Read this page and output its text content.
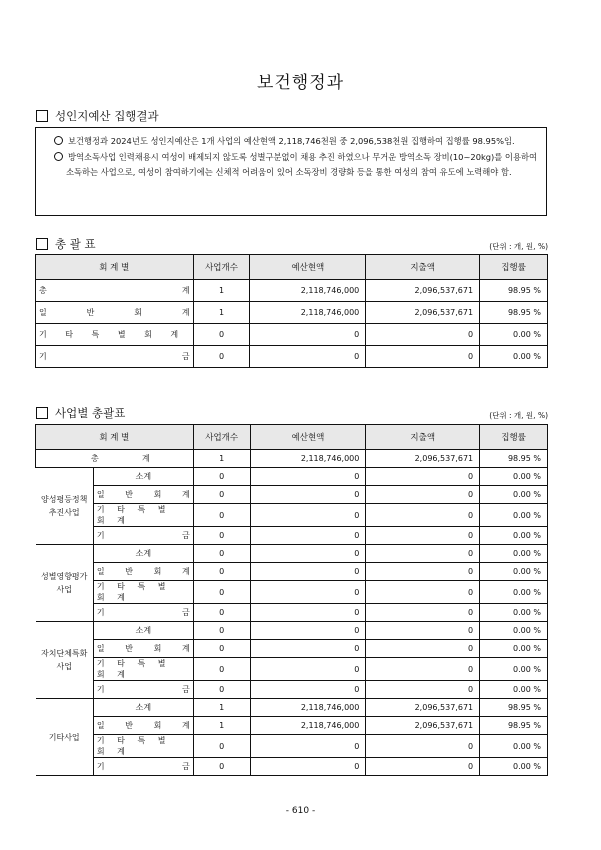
보건행정과
성인지예산 집행결과

보건행정과 2024년도 성인지예산은 1개 사업의 예산현액 2,118,746천원 중 2,096,538천원 집행하여 집행률 98.95%임.

방역소독사업 인력채용시 여성이 배제되지 않도록 성별구분없이 채용 추진 하였으나 무거운 방역소독 장비(10~20kg)를 이용하여 소독하는 사업으로, 여성이 참여하기에는 신체적 어려움이 있어 소독장비 경량화 등을 통한 여성의 참여 유도에 노력해야 함.

총 괄 표	(단위 : 개, 원, %)
회 계 별	사업개수	예산현액	지출액	집행률

총 계	1	2,118,746,000	2,096,537,671	98.95 %

일 반 회 계	1	2,118,746,000	2,096,537,671	98.95 %
기 타 특 별 회 계	0	0	0	0.00 %

기 금	0	0	0	0.00 %
사업별 총괄표	(단위 : 개, 원, %)
회 계 별		사업개수	예산현액	지출액	집행률

총 계		1	2,118,746,000	2,096,537,671	98.95 %
양성평등정책
추진사업	소계	0	0	0	0.00 %

	일 반 회 계	0	0	0	0.00 %
	기 타 특 별 회 계	0	0	0	0.00 %

	기 금	0	0	0	0.00 %
성별영향평가
사업	소계	0	0	0	0.00 %

	일 반 회 계	0	0	0	0.00 %
	기 타 특 별 회 계	0	0	0	0.00 %

	기 금	0	0	0	0.00 %
자치단체특화
사업	소계	0	0	0	0.00 %

	일 반 회 계	0	0	0	0.00 %
	기 타 특 별 회 계	0	0	0	0.00 %

	기 금	0	0	0	0.00 %
기타사업	소계	1	2,118,746,000	2,096,537,671	98.95 %

	일 반 회 계	1	2,118,746,000	2,096,537,671	98.95 %
	기 타 특 별 회 계	0	0	0	0.00 %

	기 금	0	0	0	0.00 %
- 610 -
